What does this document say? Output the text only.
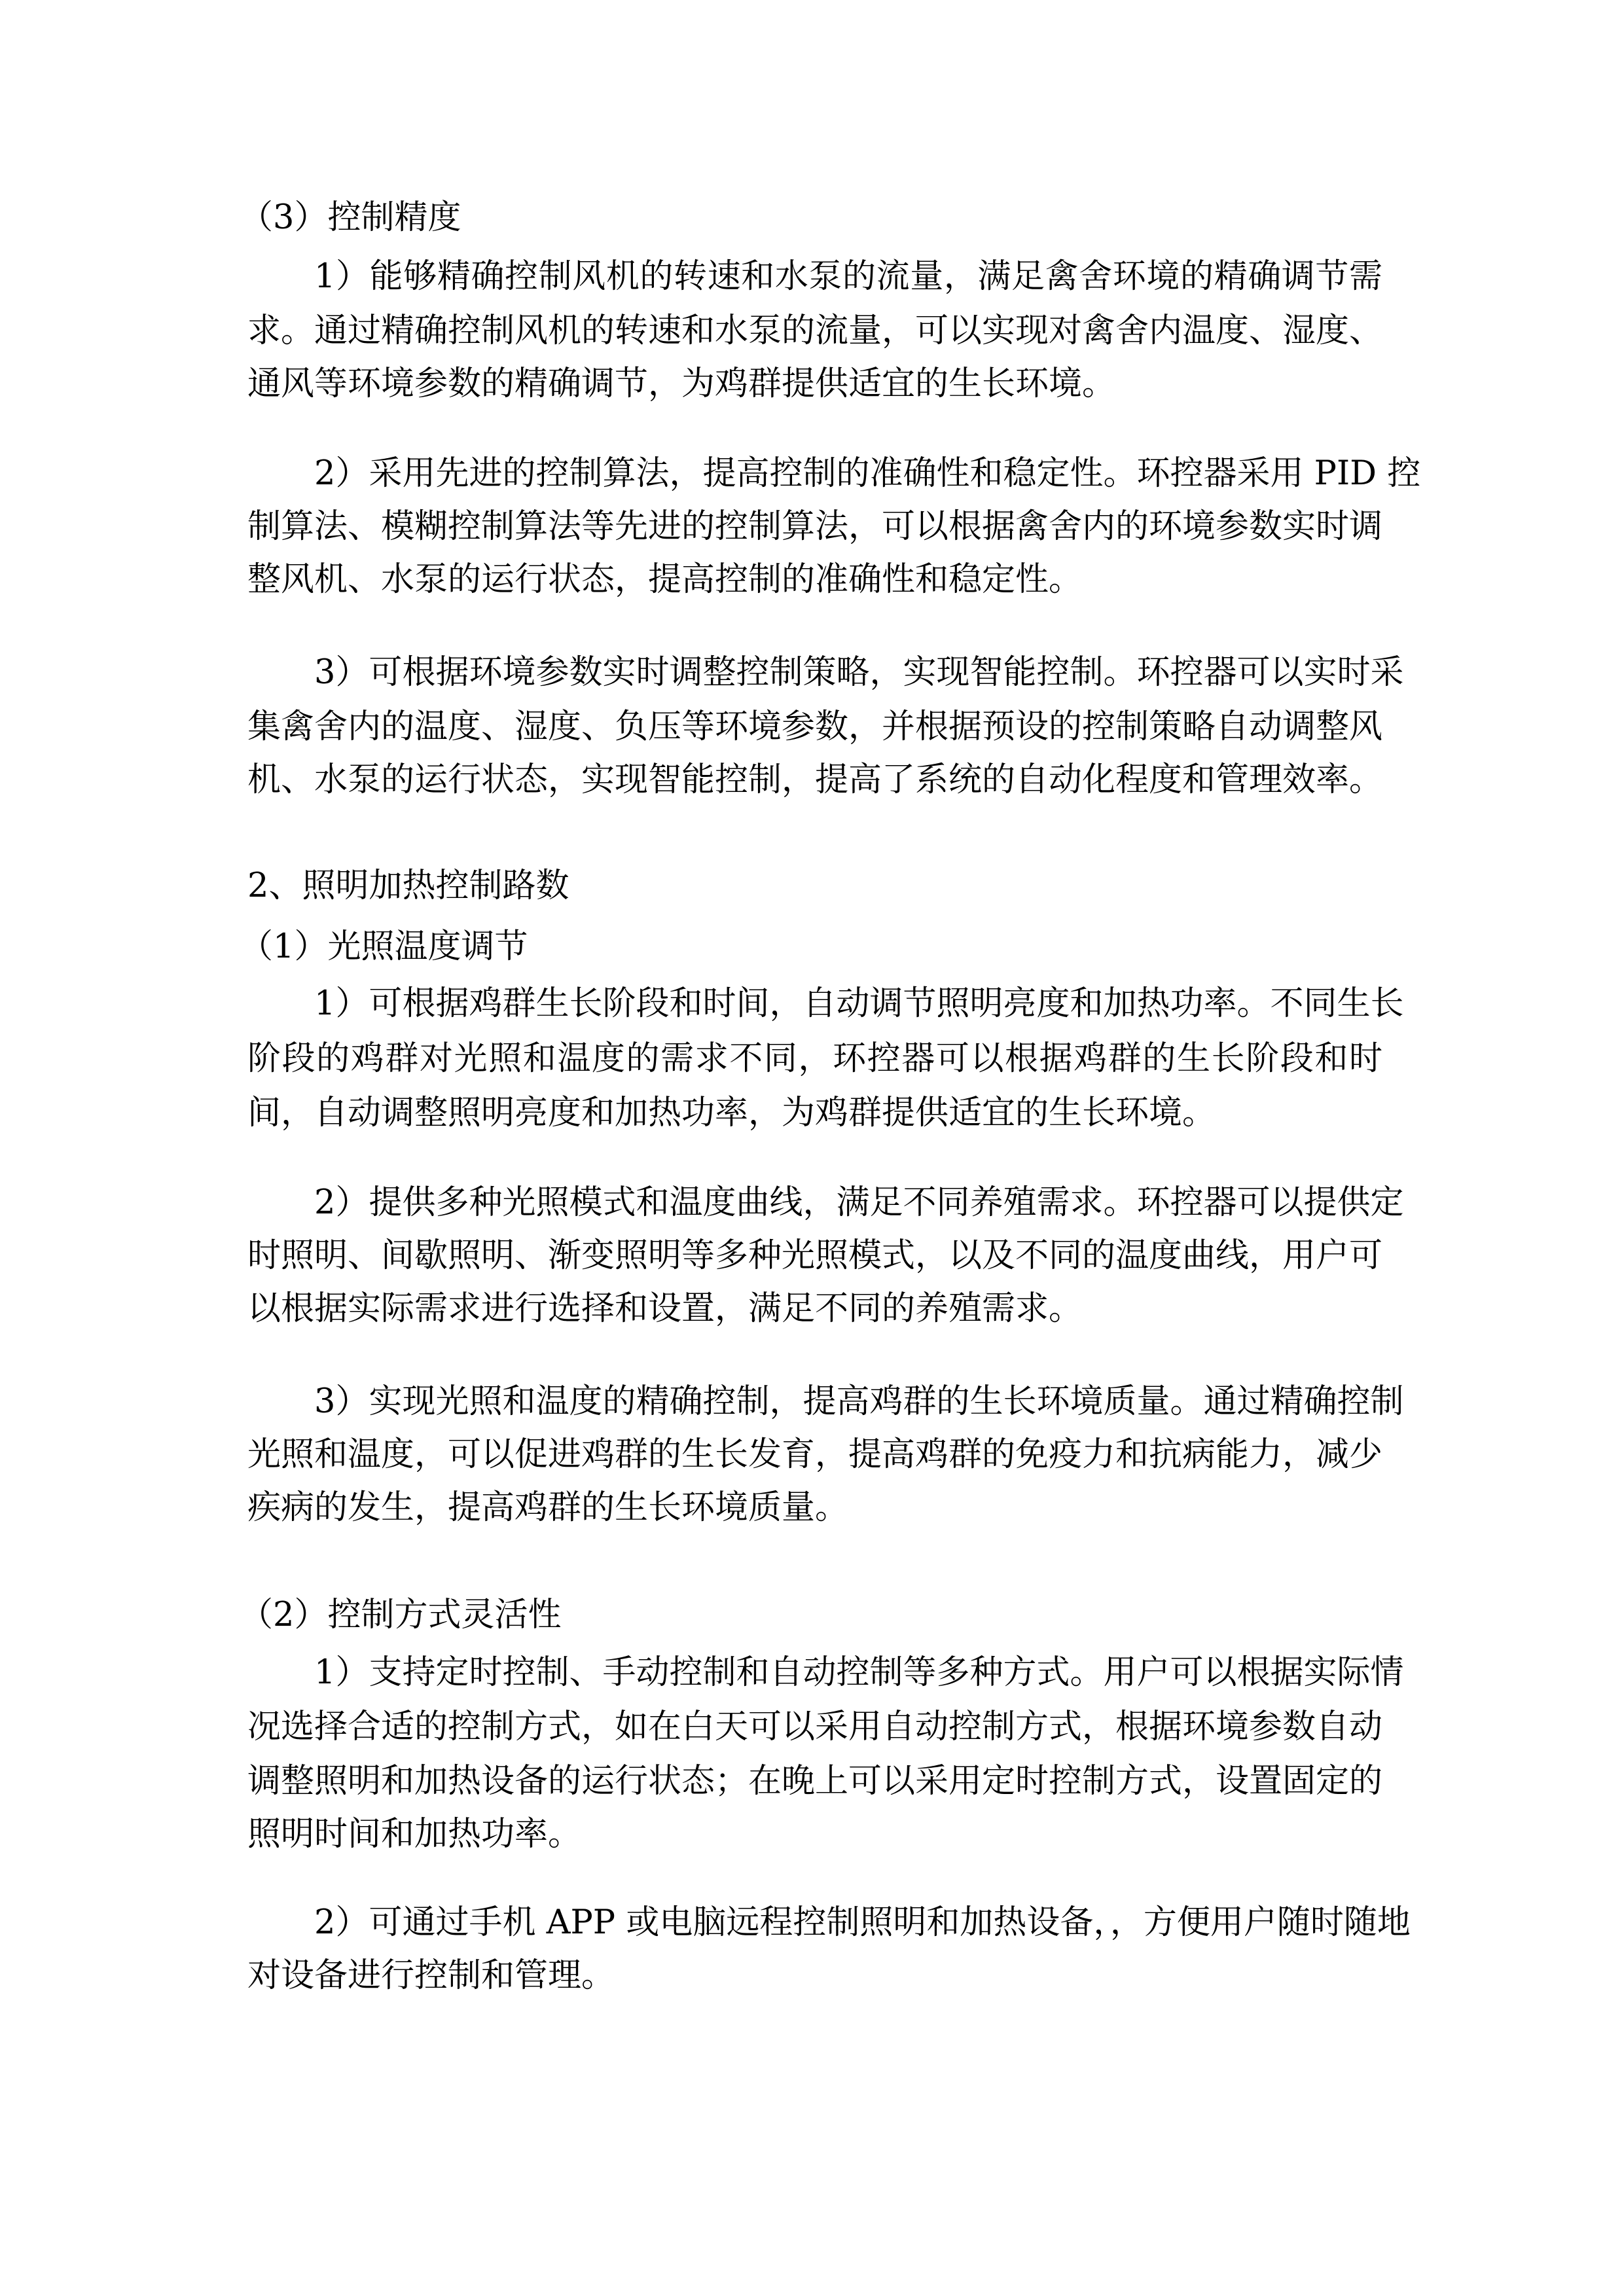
（3）控制精度
1）能够精确控制风机的转速和水泵的流量，满足禽舍环境的精确调节需
求。通过精确控制风机的转速和水泵的流量，可以实现对禽舍内温度、湿度、
通风等环境参数的精确调节，为鸡群提供适宜的生长环境。
2）采用先进的控制算法，提高控制的准确性和稳定性。环控器采用 PID 控
制算法、模糊控制算法等先进的控制算法，可以根据禽舍内的环境参数实时调
整风机、水泵的运行状态，提高控制的准确性和稳定性。
3）可根据环境参数实时调整控制策略，实现智能控制。环控器可以实时采
集禽舍内的温度、湿度、负压等环境参数，并根据预设的控制策略自动调整风
机、水泵的运行状态，实现智能控制，提高了系统的自动化程度和管理效率。
2、照明加热控制路数
（1）光照温度调节
1）可根据鸡群生长阶段和时间，自动调节照明亮度和加热功率。不同生长
阶段的鸡群对光照和温度的需求不同，环控器可以根据鸡群的生长阶段和时
间，自动调整照明亮度和加热功率，为鸡群提供适宜的生长环境。
2）提供多种光照模式和温度曲线，满足不同养殖需求。环控器可以提供定
时照明、间歇照明、渐变照明等多种光照模式，以及不同的温度曲线，用户可
以根据实际需求进行选择和设置，满足不同的养殖需求。
3）实现光照和温度的精确控制，提高鸡群的生长环境质量。通过精确控制
光照和温度，可以促进鸡群的生长发育，提高鸡群的免疫力和抗病能力，减少
疾病的发生，提高鸡群的生长环境质量。
（2）控制方式灵活性
1）支持定时控制、手动控制和自动控制等多种方式。用户可以根据实际情
况选择合适的控制方式，如在白天可以采用自动控制方式，根据环境参数自动
调整照明和加热设备的运行状态；在晚上可以采用定时控制方式，设置固定的
照明时间和加热功率。
2）可通过手机 APP 或电脑远程控制照明和加热设备，，方便用户随时随地
对设备进行控制和管理。
